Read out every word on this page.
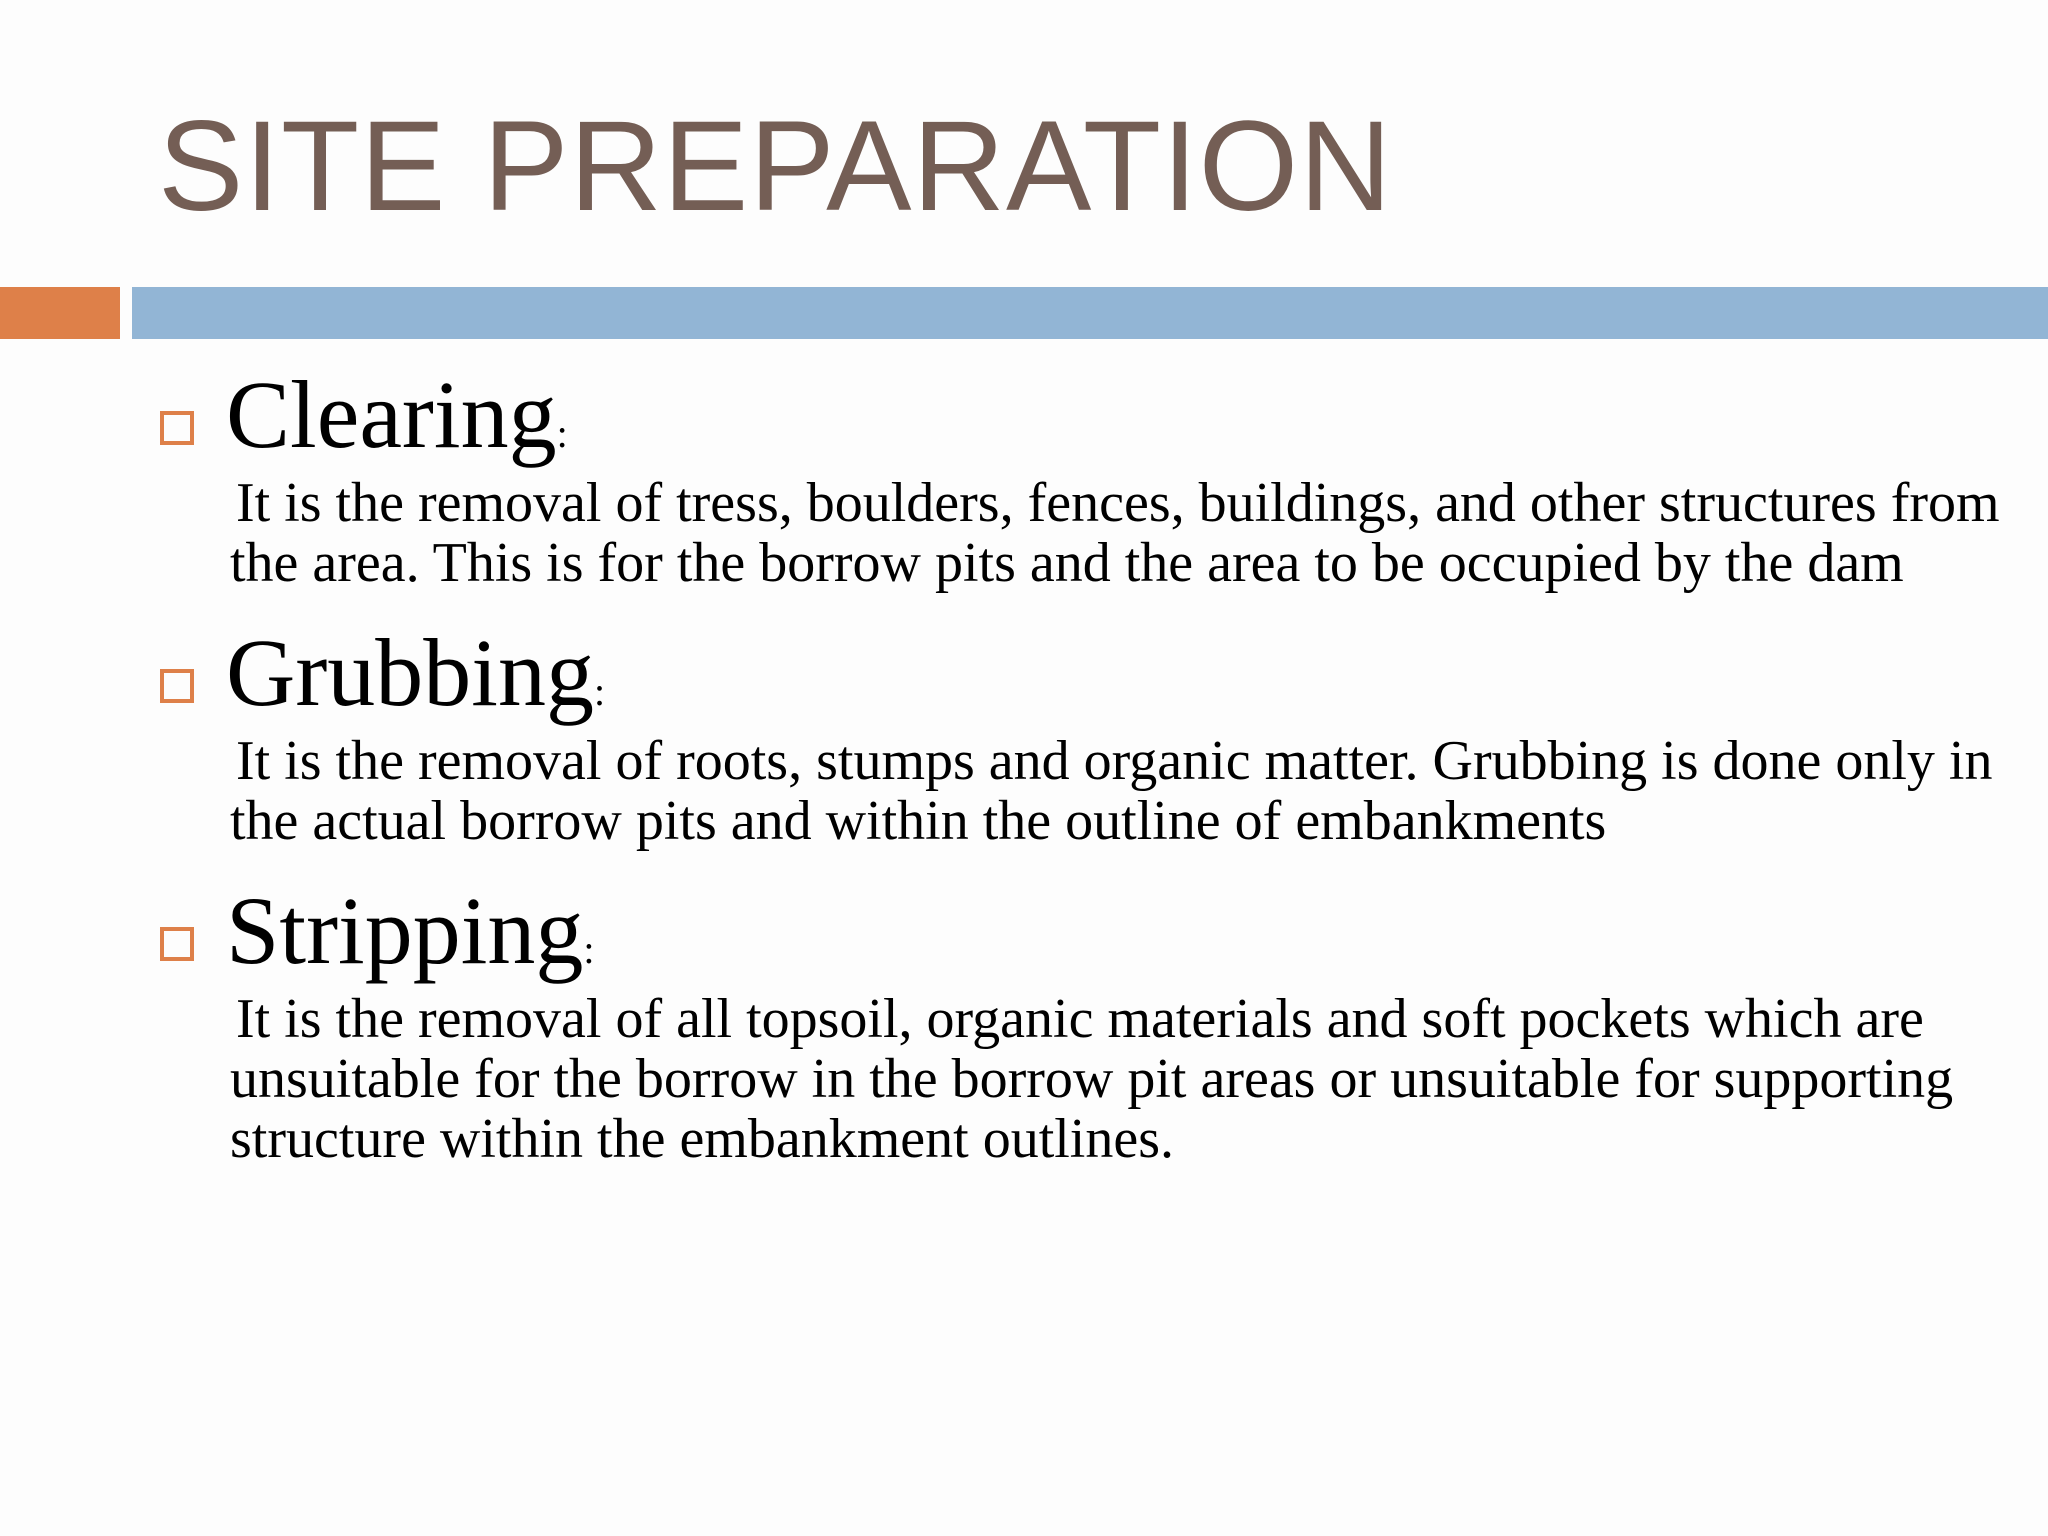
SITE PREPARATION
Clearing :
It is the removal of tress, boulders, fences, buildings, and other structures from the area. This is for the borrow pits and the area to be occupied by the dam
Grubbing :
It is the removal of roots, stumps and organic matter. Grubbing is done only in the actual borrow pits and within the outline of embankments
Stripping :
It is the removal of all topsoil, organic materials and soft pockets which are unsuitable for the borrow in the borrow pit areas or unsuitable for supporting structure within the embankment outlines.
